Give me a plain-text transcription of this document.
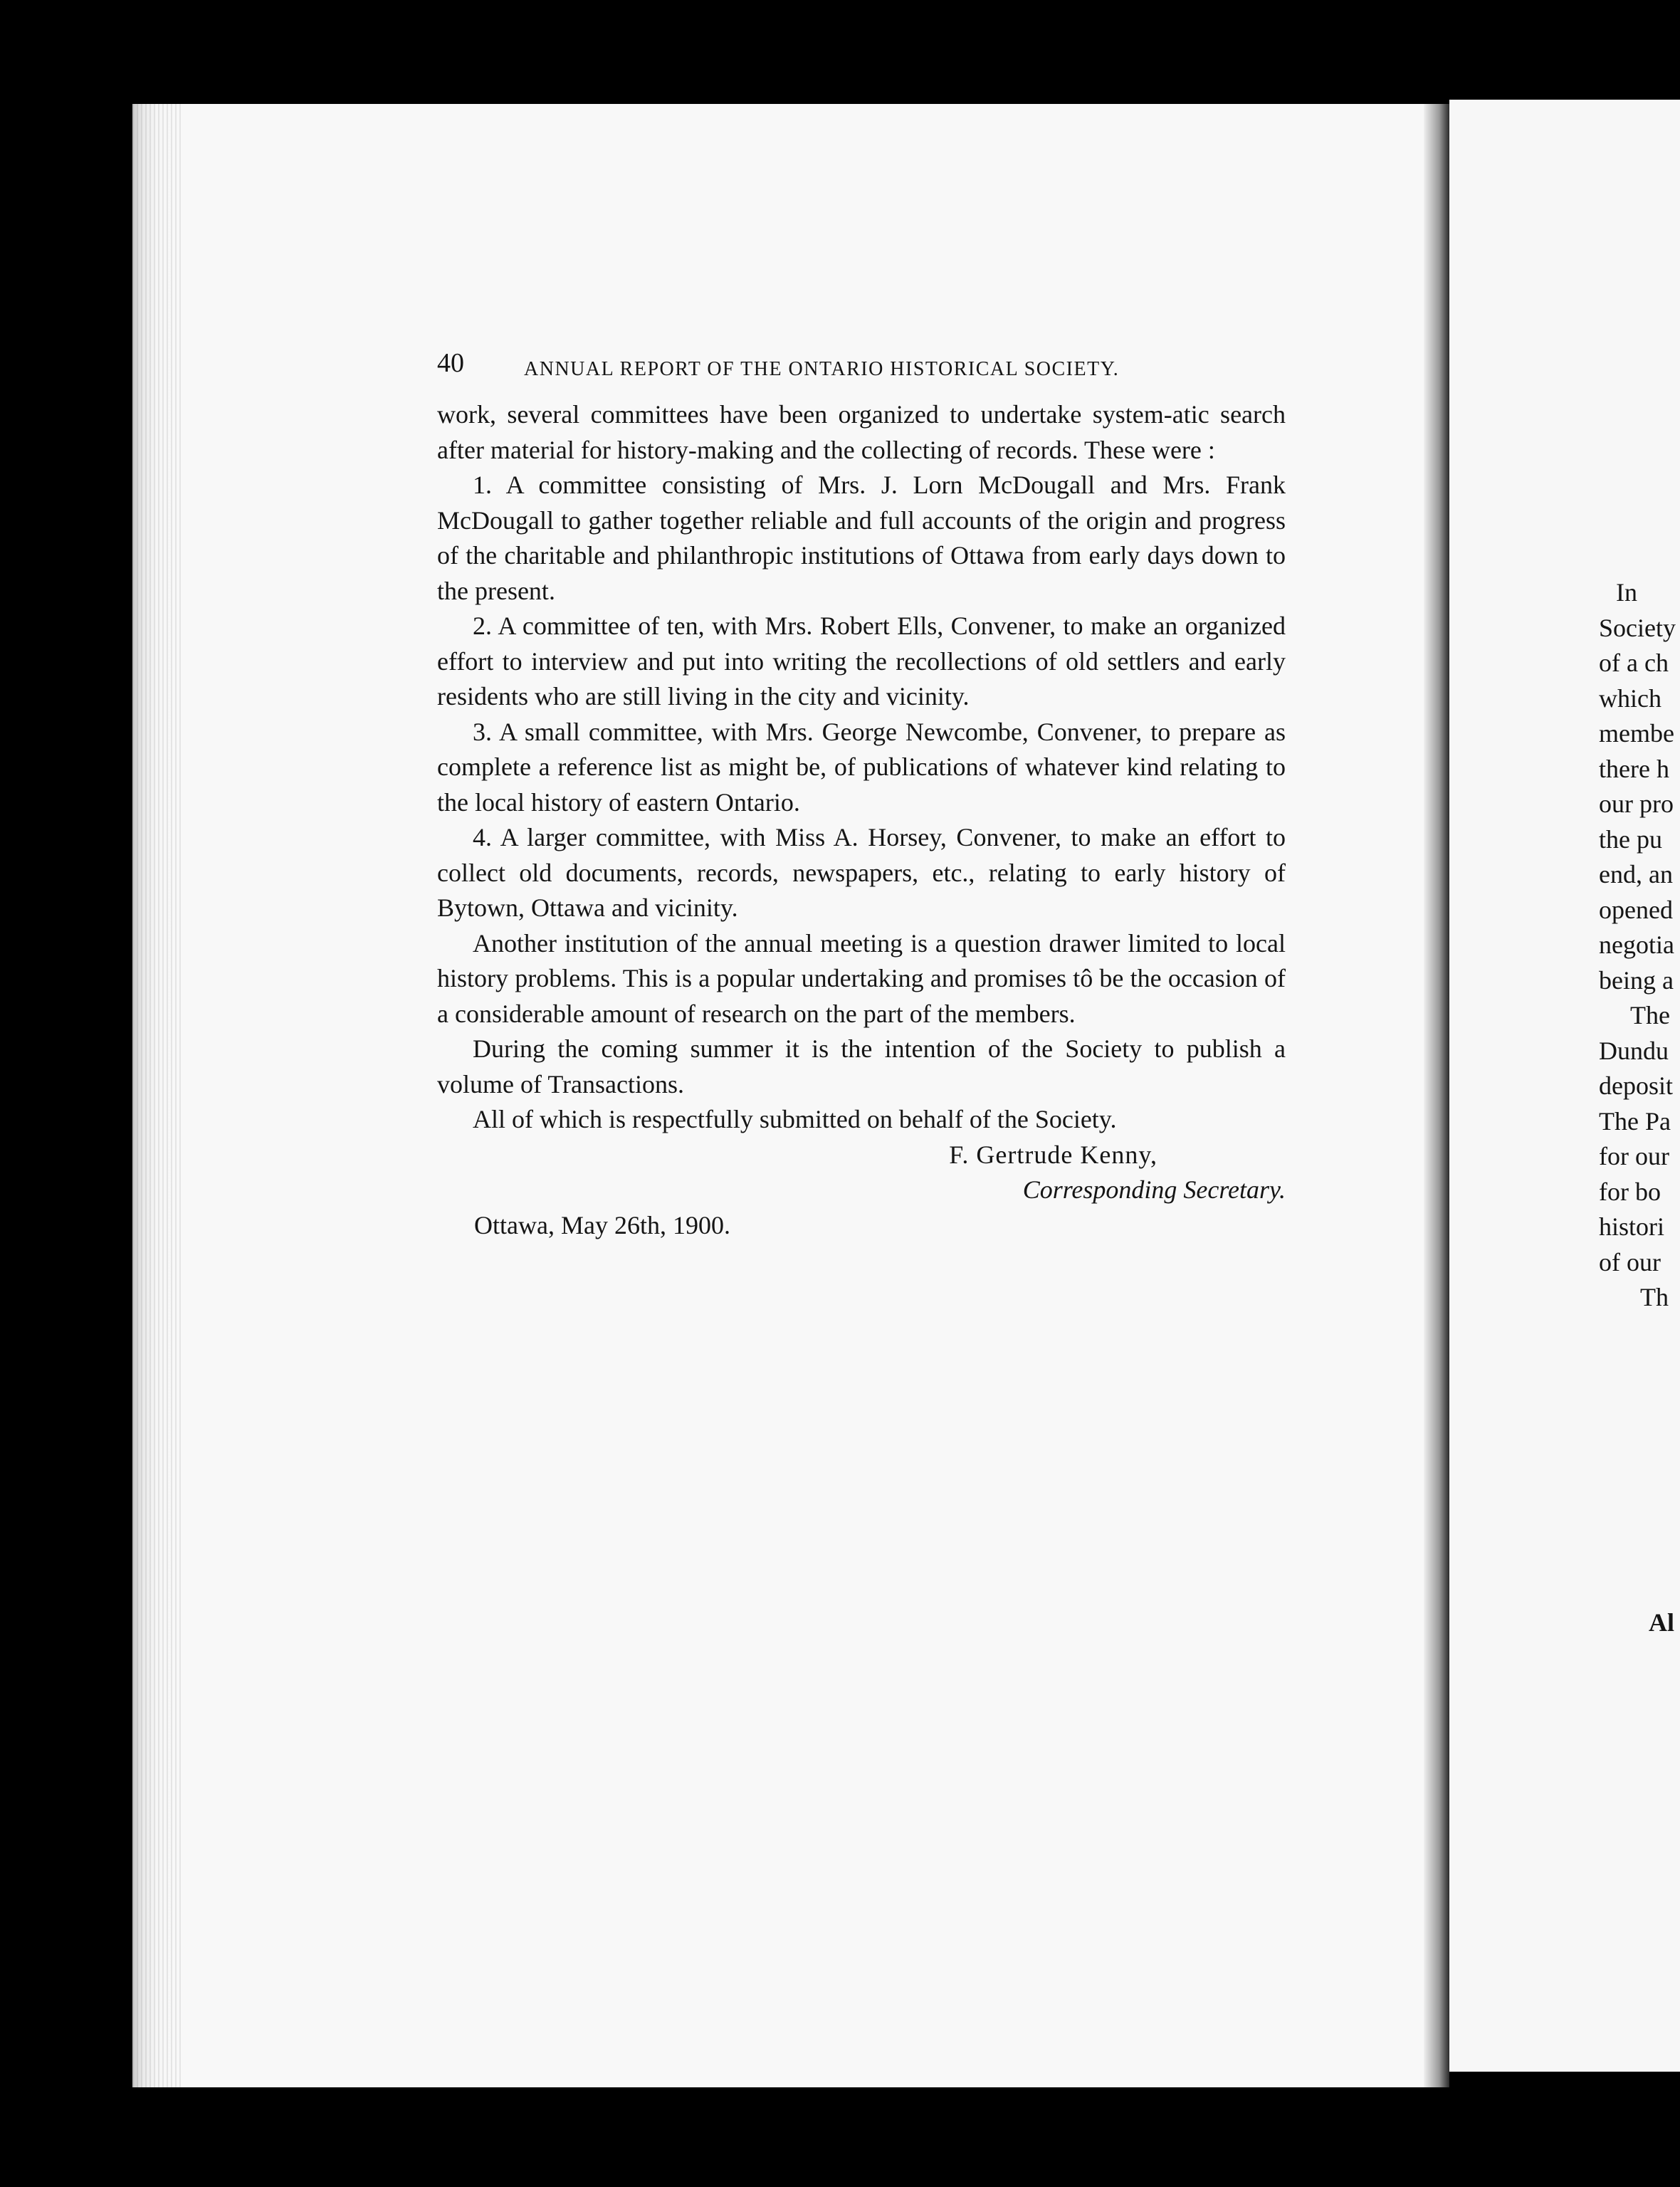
40	ANNUAL REPORT OF THE ONTARIO HISTORICAL SOCIETY.

work, several committees have been organized to undertake system-atic search after material for history-making and the collecting of records. These were :

1. A committee consisting of Mrs. J. Lorn McDougall and Mrs. Frank McDougall to gather together reliable and full accounts of the origin and progress of the charitable and philanthropic institutions of Ottawa from early days down to the present.

2. A committee of ten, with Mrs. Robert Ells, Convener, to make an organized effort to interview and put into writing the recollections of old settlers and early residents who are still living in the city and vicinity.

3. A small committee, with Mrs. George Newcombe, Convener, to prepare as complete a reference list as might be, of publications of whatever kind relating to the local history of eastern Ontario.

4. A larger committee, with Miss A. Horsey, Convener, to make an effort to collect old documents, records, newspapers, etc., relating to early history of Bytown, Ottawa and vicinity.

Another institution of the annual meeting is a question drawer limited to local history problems. This is a popular undertaking and promises tô be the occasion of a considerable amount of research on the part of the members.

During the coming summer it is the intention of the Society to publish a volume of Transactions.

All of which is respectfully submitted on behalf of the Society.

F. Gertrude Kenny,
Corresponding Secretary.

Ottawa, May 26th, 1900.

In
Society
of a ch
which
membe
there h
our pro
the pu
end, an
opened
negotia
being a
The
Dundu
deposit
The Pa
for our
for bo
histori
of our
Th
Al
